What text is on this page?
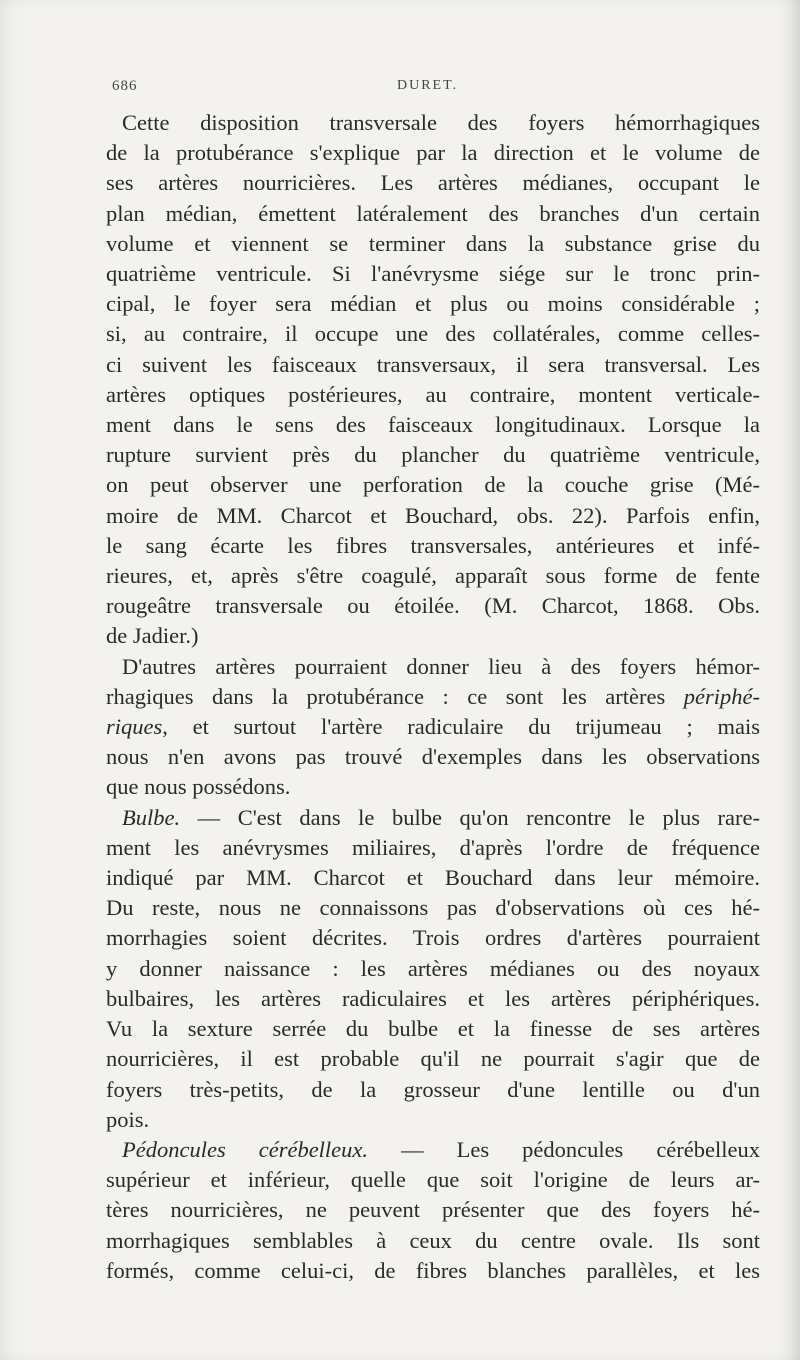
686	DURET.
Cette disposition transversale des foyers hémorrhagiques
de la protubérance s'explique par la direction et le volume de
ses artères nourricières. Les artères médianes, occupant le
plan médian, émettent latéralement des branches d'un certain
volume et viennent se terminer dans la substance grise du
quatrième ventricule. Si l'anévrysme siége sur le tronc prin-
cipal, le foyer sera médian et plus ou moins considérable ;
si, au contraire, il occupe une des collatérales, comme celles-
ci suivent les faisceaux transversaux, il sera transversal. Les
artères optiques postérieures, au contraire, montent verticale-
ment dans le sens des faisceaux longitudinaux. Lorsque la
rupture survient près du plancher du quatrième ventricule,
on peut observer une perforation de la couche grise (Mé-
moire de MM. Charcot et Bouchard, obs. 22). Parfois enfin,
le sang écarte les fibres transversales, antérieures et infé-
rieures, et, après s'être coagulé, apparaît sous forme de fente
rougeâtre transversale ou étoilée. (M. Charcot, 1868. Obs.
de Jadier.)
D'autres artères pourraient donner lieu à des foyers hémor-
rhagiques dans la protubérance : ce sont les artères périphé-
riques, et surtout l'artère radiculaire du trijumeau ; mais
nous n'en avons pas trouvé d'exemples dans les observations
que nous possédons.
Bulbe. — C'est dans le bulbe qu'on rencontre le plus rare-
ment les anévrysmes miliaires, d'après l'ordre de fréquence
indiqué par MM. Charcot et Bouchard dans leur mémoire.
Du reste, nous ne connaissons pas d'observations où ces hé-
morrhagies soient décrites. Trois ordres d'artères pourraient
y donner naissance : les artères médianes ou des noyaux
bulbaires, les artères radiculaires et les artères périphériques.
Vu la sexture serrée du bulbe et la finesse de ses artères
nourricières, il est probable qu'il ne pourrait s'agir que de
foyers très-petits, de la grosseur d'une lentille ou d'un
pois.
Pédoncules cérébelleux. — Les pédoncules cérébelleux
supérieur et inférieur, quelle que soit l'origine de leurs ar-
tères nourricières, ne peuvent présenter que des foyers hé-
morrhagiques semblables à ceux du centre ovale. Ils sont
formés, comme celui-ci, de fibres blanches parallèles, et les
